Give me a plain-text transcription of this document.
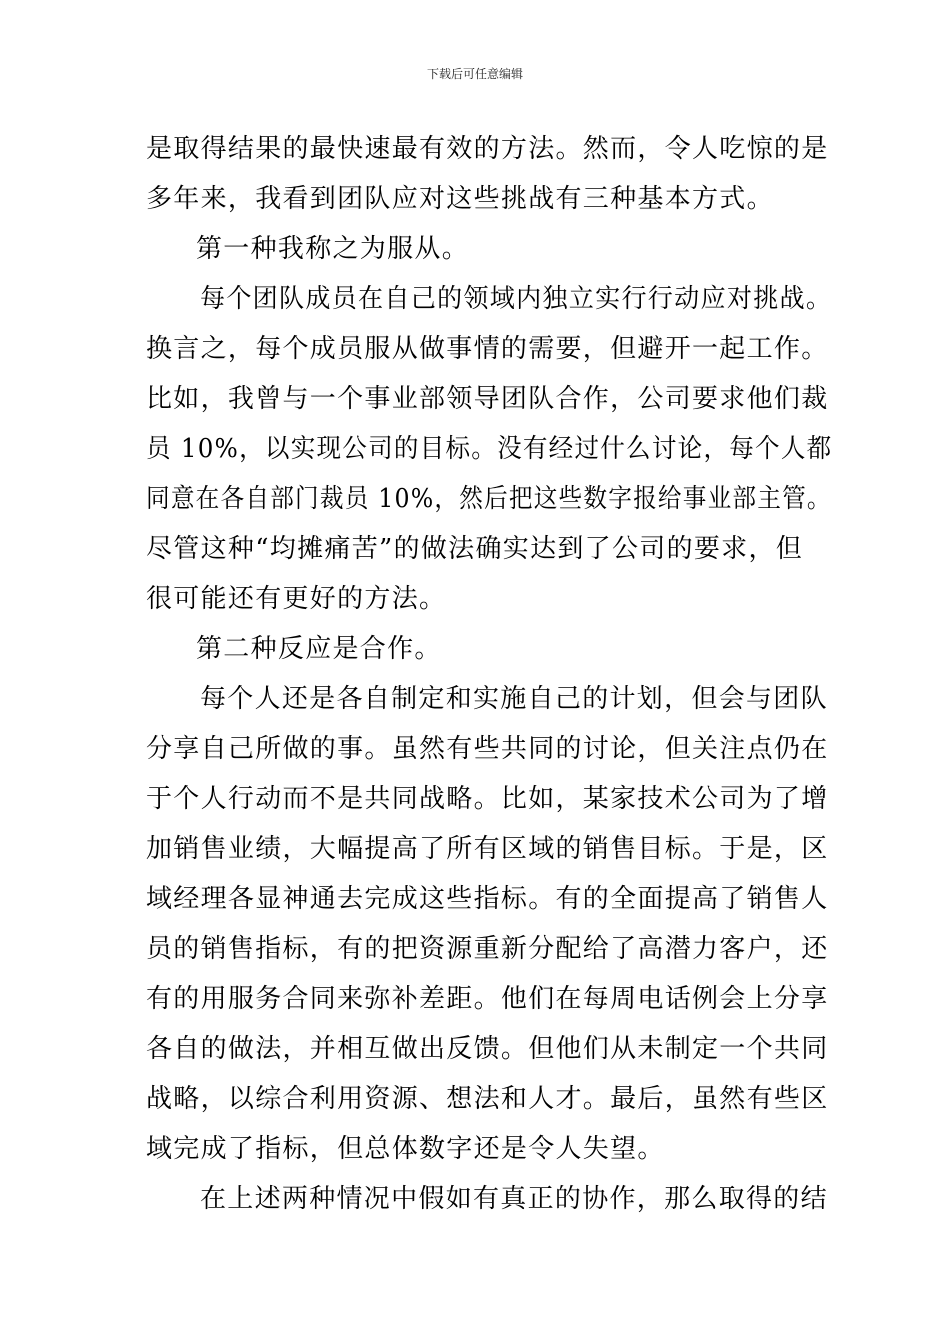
下载后可任意编辑
是取得结果的最快速最有效的方法。然而，令人吃惊的是
多年来，我看到团队应对这些挑战有三种基本方式。
第一种我称之为服从。
每个团队成员在自己的领域内独立实行行动应对挑战。
换言之，每个成员服从做事情的需要，但避开一起工作。
比如，我曾与一个事业部领导团队合作，公司要求他们裁
员 10%，以实现公司的目标。没有经过什么讨论，每个人都
同意在各自部门裁员 10%，然后把这些数字报给事业部主管。
尽管这种“均摊痛苦”的做法确实达到了公司的要求，但
很可能还有更好的方法。
第二种反应是合作。
每个人还是各自制定和实施自己的计划，但会与团队
分享自己所做的事。虽然有些共同的讨论，但关注点仍在
于个人行动而不是共同战略。比如，某家技术公司为了增
加销售业绩，大幅提高了所有区域的销售目标。于是，区
域经理各显神通去完成这些指标。有的全面提高了销售人
员的销售指标，有的把资源重新分配给了高潜力客户，还
有的用服务合同来弥补差距。他们在每周电话例会上分享
各自的做法，并相互做出反馈。但他们从未制定一个共同
战略，以综合利用资源、想法和人才。最后，虽然有些区
域完成了指标，但总体数字还是令人失望。
在上述两种情况中假如有真正的协作，那么取得的结
